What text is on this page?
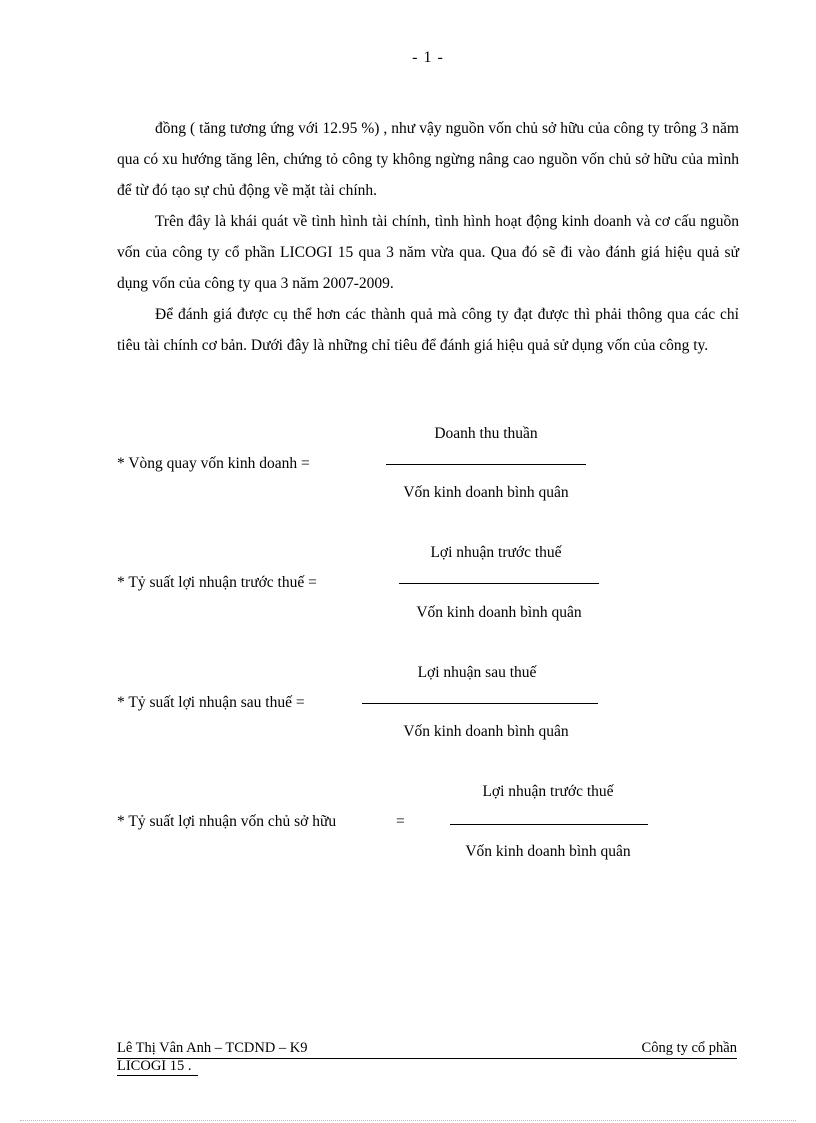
- 1 -

đồng ( tăng tương ứng với 12.95 %) , như vậy nguồn vốn chủ sở hữu của công ty trông 3 năm qua có xu hướng tăng lên, chứng tỏ công ty không ngừng nâng cao nguồn vốn chủ sở hữu của mình để từ đó tạo sự chủ động về mặt tài chính.

Trên đây là khái quát về tình hình tài chính, tình hình hoạt động kinh doanh và cơ cấu nguồn vốn của công ty cổ phần LICOGI 15 qua 3 năm vừa qua. Qua đó sẽ đi vào đánh giá hiệu quả sử dụng vốn của công ty qua 3 năm 2007-2009.

Để đánh giá được cụ thể hơn các thành quả mà công ty đạt được thì phải thông qua các chỉ tiêu tài chính cơ bản. Dưới đây là những chỉ tiêu để đánh giá hiệu quả sử dụng vốn của công ty.

* Vòng quay vốn kinh doanh =
Doanh thu thuần
Vốn kinh doanh bình quân
* Tỷ suất lợi nhuận trước thuế =
Lợi nhuận trước thuế
Vốn kinh doanh bình quân
* Tỷ suất lợi nhuận sau thuế =
Lợi nhuận sau thuế
Vốn kinh doanh bình quân
* Tỷ suất lợi nhuận vốn chủ sở hữu	=
Lợi nhuận trước thuế
Vốn kinh doanh bình quân
Lê Thị Vân Anh – TCDND – K9	Công ty cổ phần
LICOGI 15 .
